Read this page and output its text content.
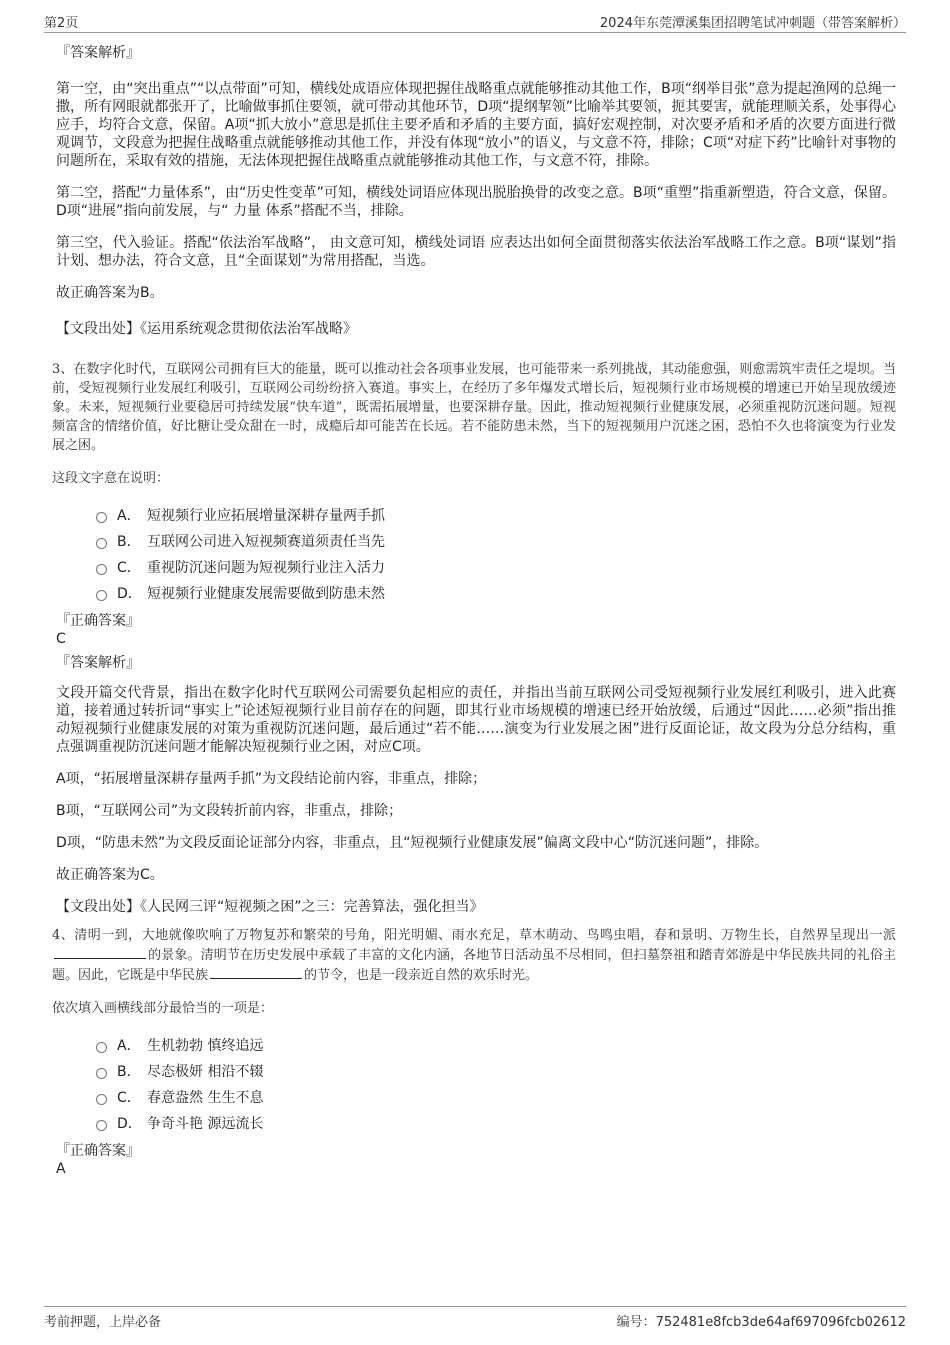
第2页	2024年东莞潭溪集团招聘笔试冲刺题（带答案解析）

『答案解析』

第一空，由“突出重点”“以点带面”可知，横线处成语应体现把握住战略重点就能够推动其他工作，B项“纲举目张”意为提起渔网的总绳一撒，所有网眼就都张开了，比喻做事抓住要领，就可带动其他环节，D项“提纲挈领”比喻举其要领，扼其要害，就能理顺关系，处事得心应手，均符合文意，保留。A项“抓大放小”意思是抓住主要矛盾和矛盾的主要方面，搞好宏观控制，对次要矛盾和矛盾的次要方面进行微观调节，文段意为把握住战略重点就能够推动其他工作，并没有体现“放小”的语义，与文意不符，排除；C项“对症下药”比喻针对事物的问题所在，采取有效的措施，无法体现把握住战略重点就能够推动其他工作，与文意不符，排除。

第二空，搭配“力量体系”，由“历史性变革”可知，横线处词语应体现出脱胎换骨的改变之意。B项“重塑”指重新塑造，符合文意，保留。D项“进展”指向前发展，与“ 力量 体系”搭配不当，排除。

第三空，代入验证。搭配“依法治军战略”， 由文意可知，横线处词语 应表达出如何全面贯彻落实依法治军战略工作之意。B项“谋划”指计划、想办法，符合文意，且“全面谋划”为常用搭配，当选。

故正确答案为B。

【文段出处】《运用系统观念贯彻依法治军战略》

3、在数字化时代，互联网公司拥有巨大的能量，既可以推动社会各项事业发展，也可能带来一系列挑战，其动能愈强，则愈需筑牢责任之堤坝。当前，受短视频行业发展红利吸引，互联网公司纷纷挤入赛道。事实上，在经历了多年爆发式增长后，短视频行业市场规模的增速已开始呈现放缓迹象。未来，短视频行业要稳居可持续发展“快车道”，既需拓展增量，也要深耕存量。因此，推动短视频行业健康发展，必须重视防沉迷问题。短视频富含的情绪价值，好比糖让受众甜在一时，成瘾后却可能苦在长远。若不能防患未然，当下的短视频用户沉迷之困，恐怕不久也将演变为行业发展之困。

这段文字意在说明：

A． 短视频行业应拓展增量深耕存量两手抓
B． 互联网公司进入短视频赛道须责任当先
C． 重视防沉迷问题为短视频行业注入活力
D． 短视频行业健康发展需要做到防患未然

『正确答案』

C

『答案解析』

文段开篇交代背景，指出在数字化时代互联网公司需要负起相应的责任，并指出当前互联网公司受短视频行业发展红利吸引，进入此赛道，接着通过转折词“事实上”论述短视频行业目前存在的问题，即其行业市场规模的增速已经开始放缓，后通过“因此……必须”指出推动短视频行业健康发展的对策为重视防沉迷问题，最后通过“若不能……演变为行业发展之困”进行反面论证，故文段为分总分结构，重点强调重视防沉迷问题才能解决短视频行业之困，对应C项。

A项，“拓展增量深耕存量两手抓”为文段结论前内容，非重点，排除；

B项，“互联网公司”为文段转折前内容，非重点，排除；

D项，“防患未然”为文段反面论证部分内容，非重点，且“短视频行业健康发展”偏离文段中心“防沉迷问题”，排除。

故正确答案为C。

【文段出处】《人民网三评“短视频之困”之三：完善算法，强化担当》

4、清明一到，大地就像吹响了万物复苏和繁荣的号角，阳光明媚、雨水充足，草木萌动、鸟鸣虫唱，春和景明、万物生长，自然界呈现出一派的景象。清明节在历史发展中承载了丰富的文化内涵，各地节日活动虽不尽相同，但扫墓祭祖和踏青郊游是中华民族共同的礼俗主题。因此，它既是中华民族	的节令，也是一段亲近自然的欢乐时光。

依次填入画横线部分最恰当的一项是：

A． 生机勃勃 慎终追远
B． 尽态极妍 相沿不辍
C． 春意盎然 生生不息
D． 争奇斗艳 源远流长

『正确答案』

A

考前押题，上岸必备	编号：752481e8fcb3de64af697096fcb02612
